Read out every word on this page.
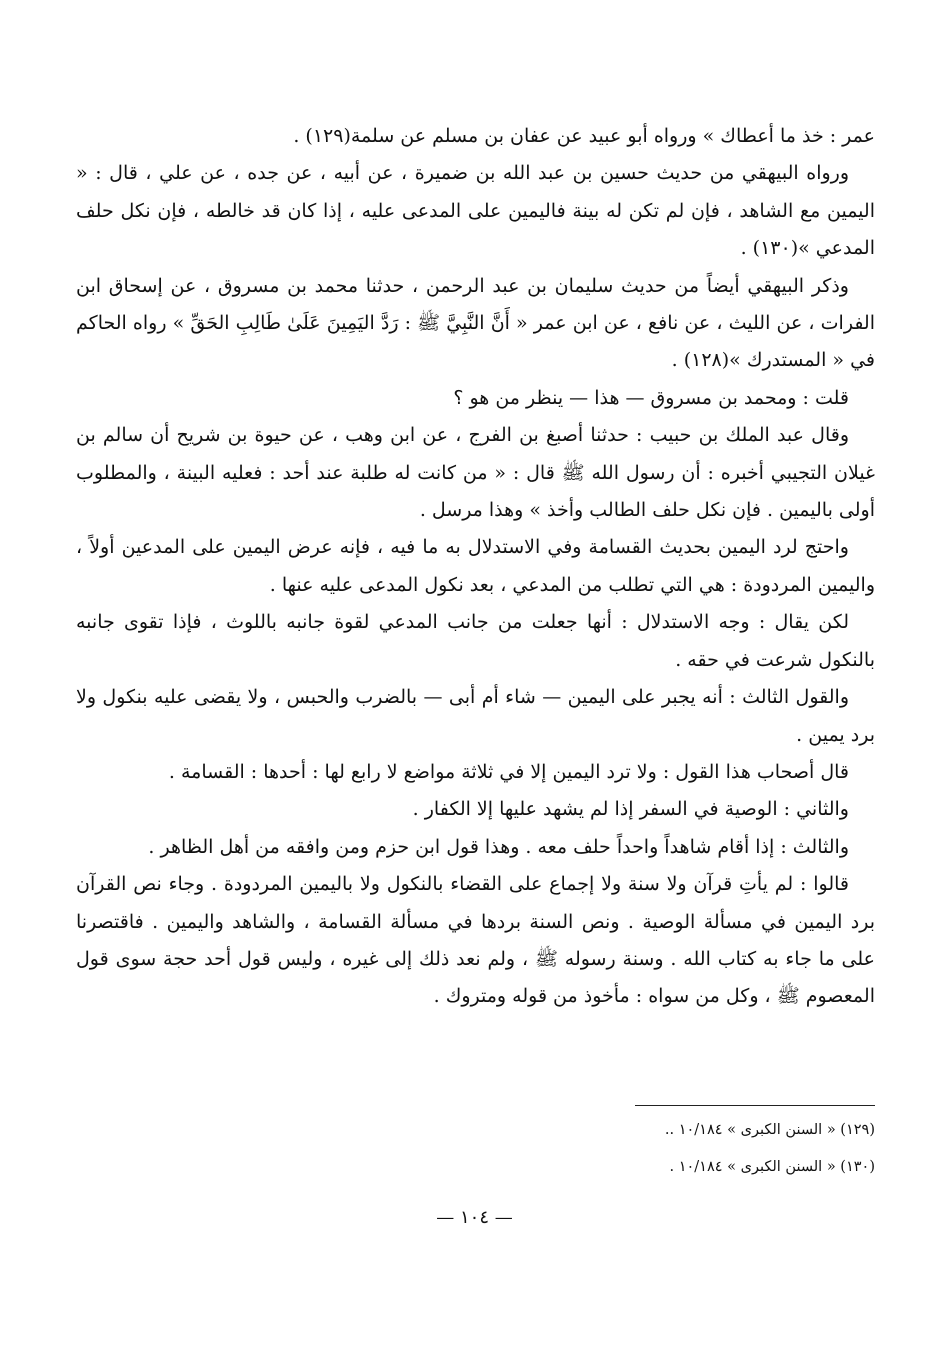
عمر : خذ ما أعطاك » ورواه أبو عبيد عن عفان بن مسلم عن سلمة(١٢٩) .

ورواه البيهقي من حديث حسين بن عبد الله بن ضميرة ، عن أبيه ، عن جده ، عن علي ، قال : « اليمين مع الشاهد ، فإن لم تكن له بينة فاليمين على المدعى عليه ، إذا كان قد خالطه ، فإن نكل حلف المدعي »(١٣٠) .

وذكر البيهقي أيضاً من حديث سليمان بن عبد الرحمن ، حدثنا محمد بن مسروق ، عن إسحاق ابن الفرات ، عن الليث ، عن نافع ، عن ابن عمر « أَنَّ النَّبِيَّ ﷺ : رَدَّ اليَمِينَ عَلَىٰ طَالِبِ الحَقِّ » رواه الحاكم في « المستدرك »(١٢٨) .

قلت : ومحمد بن مسروق — هذا — ينظر من هو ؟

وقال عبد الملك بن حبيب : حدثنا أصبغ بن الفرج ، عن ابن وهب ، عن حيوة بن شريح أن سالم بن غيلان التجيبي أخبره : أن رسول الله ﷺ قال : « من كانت له طلبة عند أحد : فعليه البينة ، والمطلوب أولى باليمين . فإن نكل حلف الطالب وأخذ » وهذا مرسل .

واحتج لرد اليمين بحديث القسامة وفي الاستدلال به ما فيه ، فإنه عرض اليمين على المدعين أولاً ، واليمين المردودة : هي التي تطلب من المدعي ، بعد نكول المدعى عليه عنها .

لكن يقال : وجه الاستدلال : أنها جعلت من جانب المدعي لقوة جانبه باللوث ، فإذا تقوى جانبه بالنكول شرعت في حقه .

والقول الثالث : أنه يجبر على اليمين — شاء أم أبى — بالضرب والحبس ، ولا يقضى عليه بنكول ولا برد يمين .

قال أصحاب هذا القول : ولا ترد اليمين إلا في ثلاثة مواضع لا رابع لها : أحدها : القسامة .

والثاني : الوصية في السفر إذا لم يشهد عليها إلا الكفار .

والثالث : إذا أقام شاهداً واحداً حلف معه . وهذا قول ابن حزم ومن وافقه من أهل الظاهر .

قالوا : لم يأتِ قرآن ولا سنة ولا إجماع على القضاء بالنكول ولا باليمين المردودة . وجاء نص القرآن برد اليمين في مسألة الوصية . ونص السنة بردها في مسألة القسامة ، والشاهد واليمين . فاقتصرنا على ما جاء به كتاب الله . وسنة رسوله ﷺ ، ولم نعد ذلك إلى غيره ، وليس قول أحد حجة سوى قول المعصوم ﷺ ، وكل من سواه : مأخوذ من قوله ومتروك .

(١٢٩) « السنن الكبرى » ١٠/١٨٤ ..

(١٣٠) « السنن الكبرى » ١٠/١٨٤ .

— ١٠٤ —
